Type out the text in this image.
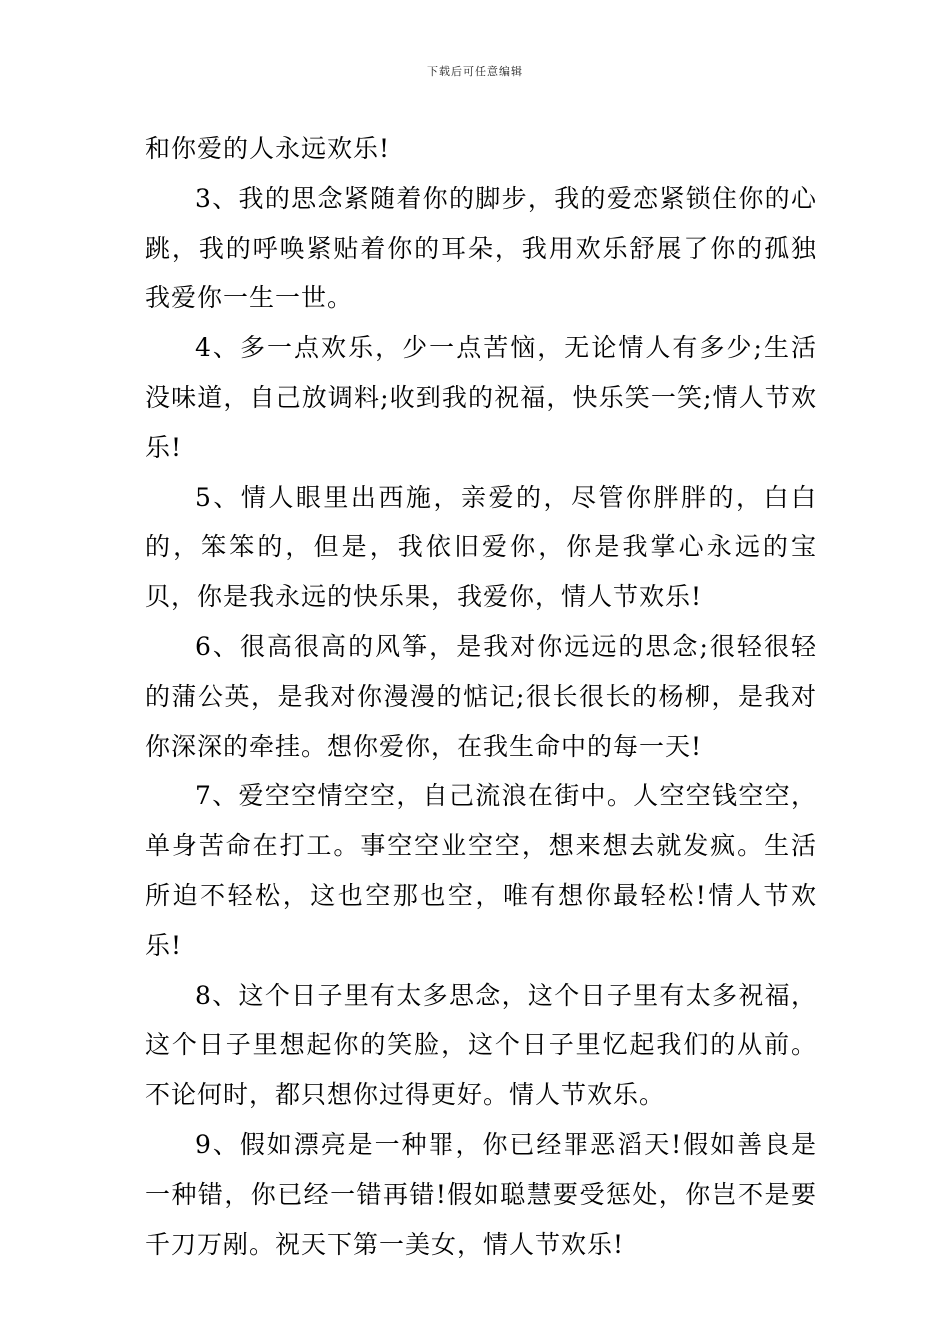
下载后可任意编辑

和你爱的人永远欢乐!

3、我的思念紧随着你的脚步，我的爱恋紧锁住你的心跳，我的呼唤紧贴着你的耳朵，我用欢乐舒展了你的孤独我爱你一生一世。

4、多一点欢乐，少一点苦恼，无论情人有多少;生活没味道，自己放调料;收到我的祝福，快乐笑一笑;情人节欢乐!

5、情人眼里出西施，亲爱的，尽管你胖胖的，白白的，笨笨的，但是，我依旧爱你，你是我掌心永远的宝贝，你是我永远的快乐果，我爱你，情人节欢乐!

6、很高很高的风筝，是我对你远远的思念;很轻很轻的蒲公英，是我对你漫漫的惦记;很长很长的杨柳，是我对你深深的牵挂。想你爱你，在我生命中的每一天!

7、爱空空情空空，自己流浪在街中。人空空钱空空，单身苦命在打工。事空空业空空，想来想去就发疯。生活所迫不轻松，这也空那也空，唯有想你最轻松!情人节欢乐!

8、这个日子里有太多思念，这个日子里有太多祝福，这个日子里想起你的笑脸，这个日子里忆起我们的从前。不论何时，都只想你过得更好。情人节欢乐。

9、假如漂亮是一种罪，你已经罪恶滔天!假如善良是一种错，你已经一错再错!假如聪慧要受惩处，你岂不是要千刀万剐。祝天下第一美女，情人节欢乐!
